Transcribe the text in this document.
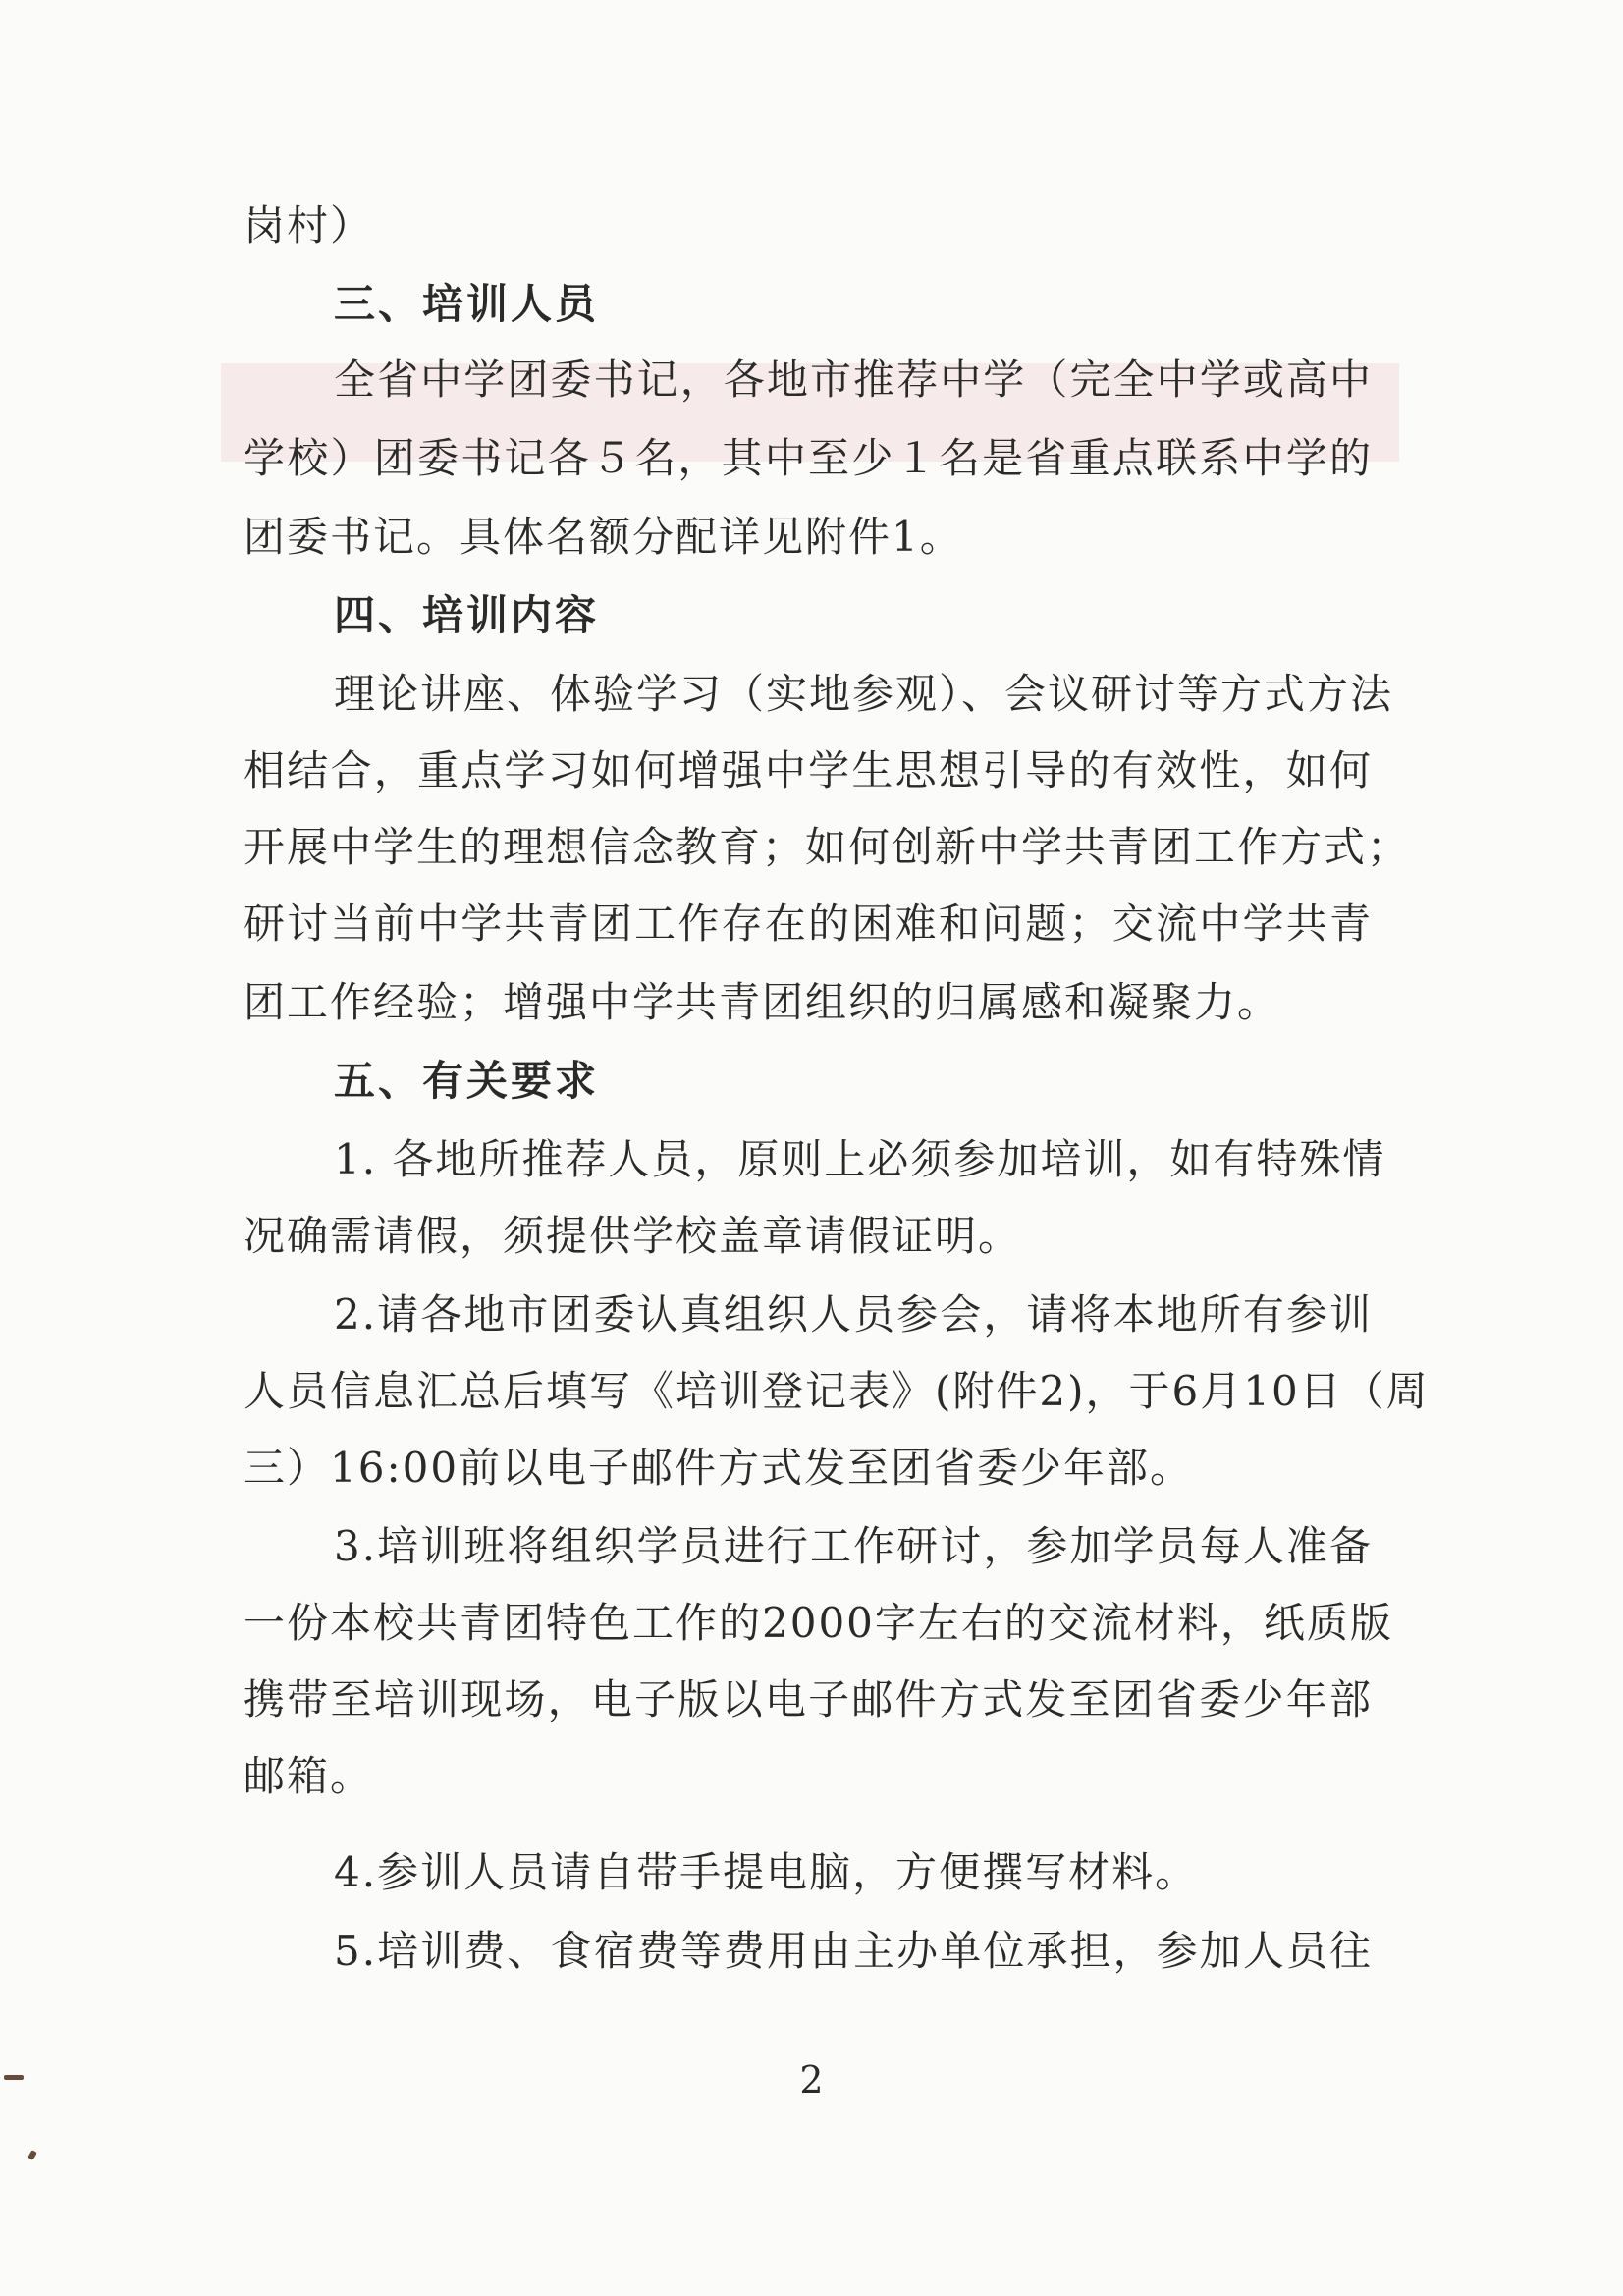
岗村）
三、培训人员
全省中学团委书记，各地市推荐中学（完全中学或高中
学校）团委书记各５名，其中至少１名是省重点联系中学的
团委书记。具体名额分配详见附件1。
四、培训内容
理论讲座、体验学习（实地参观）、会议研讨等方式方法
相结合，重点学习如何增强中学生思想引导的有效性，如何
开展中学生的理想信念教育；如何创新中学共青团工作方式；
研讨当前中学共青团工作存在的困难和问题；交流中学共青
团工作经验；增强中学共青团组织的归属感和凝聚力。
五、有关要求
1. 各地所推荐人员，原则上必须参加培训，如有特殊情
况确需请假，须提供学校盖章请假证明。
2.请各地市团委认真组织人员参会，请将本地所有参训
人员信息汇总后填写《培训登记表》(附件2)，于6月10日（周
三）16:00前以电子邮件方式发至团省委少年部。
3.培训班将组织学员进行工作研讨，参加学员每人准备
一份本校共青团特色工作的2000字左右的交流材料，纸质版
携带至培训现场，电子版以电子邮件方式发至团省委少年部
邮箱。
4.参训人员请自带手提电脑，方便撰写材料。
5.培训费、食宿费等费用由主办单位承担，参加人员往
2
